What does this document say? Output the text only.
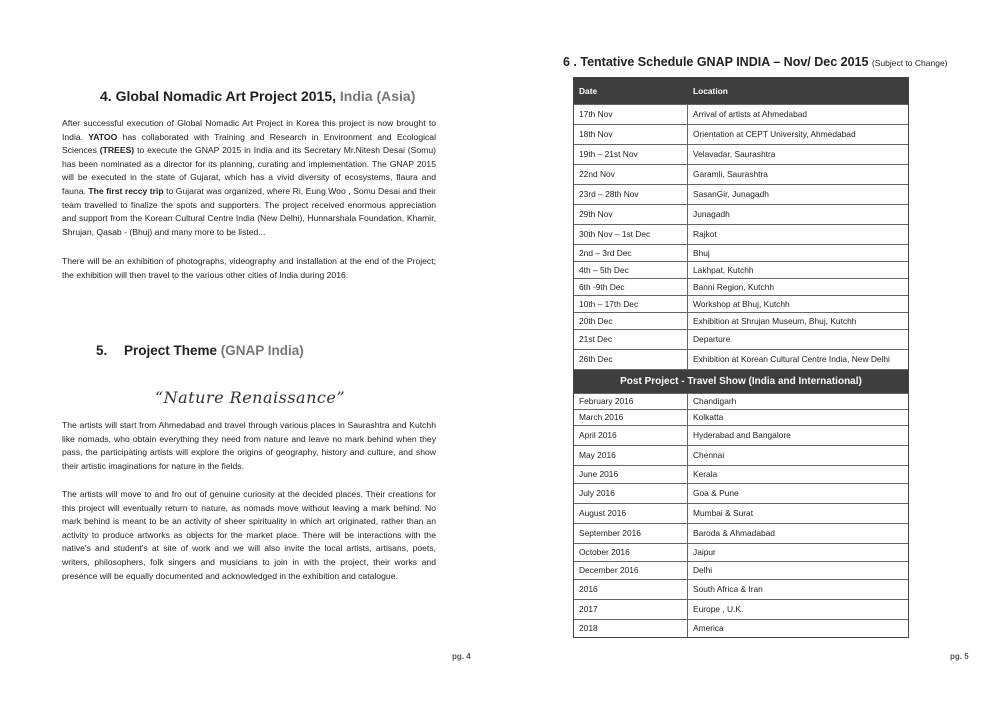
4. Global Nomadic Art Project 2015, India (Asia)

After successful execution of Global Nomadic Art Project in Korea this project is now brought to India. YATOO has collaborated with Training and Research in Environment and Ecological Sciences (TREES) to execute the GNAP 2015 in India and its Secretary Mr.Nitesh Desai (Somu) has been nominated as a director for its planning, curating and implementation. The GNAP 2015 will be executed in the state of Gujarat, which has a vivid diversity of ecosystems, flaura and fauna. The first reccy trip to Gujarat was organized, where Ri, Eung Woo , Somu Desai and their team travelled to finalize the spots and supporters. The project received enormous appreciation and support from the Korean Cultural Centre India (New Delhi), Hunnarshala Foundation, Khamir, Shrujan, Qasab - (Bhuj) and many more to be listed...

There will be an exhibition of photographs, videography and installation at the end of the Project; the exhibition will then travel to the various other cities of India during 2016.

5. Project Theme (GNAP India)
“Nature Renaissance”

The artists will start from Ahmedabad and travel through various places in Saurashtra and Kutchh like nomads, who obtain everything they need from nature and leave no mark behind when they pass, the participating artists will explore the origins of geography, history and culture, and show their artistic imaginations for nature in the fields.

The artists will move to and fro out of genuine curiosity at the decided places. Their creations for this project will eventually return to nature, as nomads move without leaving a mark behind. No mark behind is meant to be an activity of sheer spirituality in which art originated, rather than an activity to produce artworks as objects for the market place. There will be interactions with the native's and student's at site of work and we will also invite the local artists, artisans, poets, writers, philosophers, folk singers and musicians to join in with the project, their works and presence will be equally documented and acknowledged in the exhibition and catalogue.

pg. 4
6 . Tentative Schedule GNAP INDIA – Nov/ Dec 2015 (Subject to Change)
Date	Location
17th Nov	Arrival of artists at Ahmedabad
18th Nov	Orientation at CEPT University, Ahmedabad
19th – 21st Nov	Velavadar, Saurashtra
22nd Nov	Garamli, Saurashtra
23rd – 28th Nov	SasanGir, Junagadh
29th Nov	Junagadh
30th Nov – 1st Dec	Rajkot
2nd – 3rd Dec	Bhuj
4th – 5th Dec	Lakhpat, Kutchh
6th -9th Dec	Banni Region, Kutchh
10th – 17th Dec	Workshop at Bhuj, Kutchh
20th Dec	Exhibition at Shrujan Museum, Bhuj, Kutchh
21st Dec	Departure
26th Dec	Exhibition at Korean Cultural Centre India, New Delhi
Post Project - Travel Show (India and International)
February 2016	Chandigarh
March 2016	Kolkatta
April 2016	Hyderabad and Bangalore
May 2016	Chennai
June 2016	Kerala
July 2016	Goa & Pune
August 2016	Mumbai & Surat
September 2016	Baroda & Ahmadabad
October 2016	Jaipur
December 2016	Delhi
2016	South Africa & Iran
2017	Europe , U.K.
2018	America
pg. 5
